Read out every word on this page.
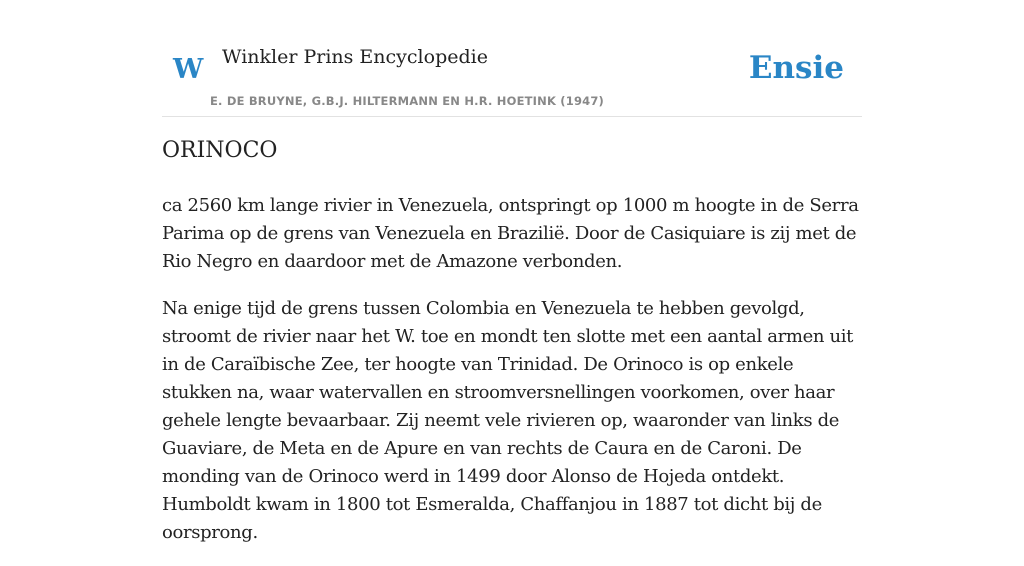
W Winkler Prins Encyclopedie
E. DE BRUYNE, G.B.J. HILTERMANN EN H.R. HOETINK (1947)
Ensie
ORINOCO

ca 2560 km lange rivier in Venezuela, ontspringt op 1000 m hoogte in de Serra Parima op de grens van Venezuela en Brazilië. Door de Casiquiare is zij met de Rio Negro en daardoor met de Amazone verbonden.

Na enige tijd de grens tussen Colombia en Venezuela te hebben gevolgd, stroomt de rivier naar het W. toe en mondt ten slotte met een aantal armen uit in de Caraïbische Zee, ter hoogte van Trinidad. De Orinoco is op enkele stukken na, waar watervallen en stroomversnellingen voorkomen, over haar gehele lengte bevaarbaar. Zij neemt vele rivieren op, waaronder van links de Guaviare, de Meta en de Apure en van rechts de Caura en de Caroni. De monding van de Orinoco werd in 1499 door Alonso de Hojeda ontdekt. Humboldt kwam in 1800 tot Esmeralda, Chaffanjou in 1887 tot dicht bij de oorsprong.
